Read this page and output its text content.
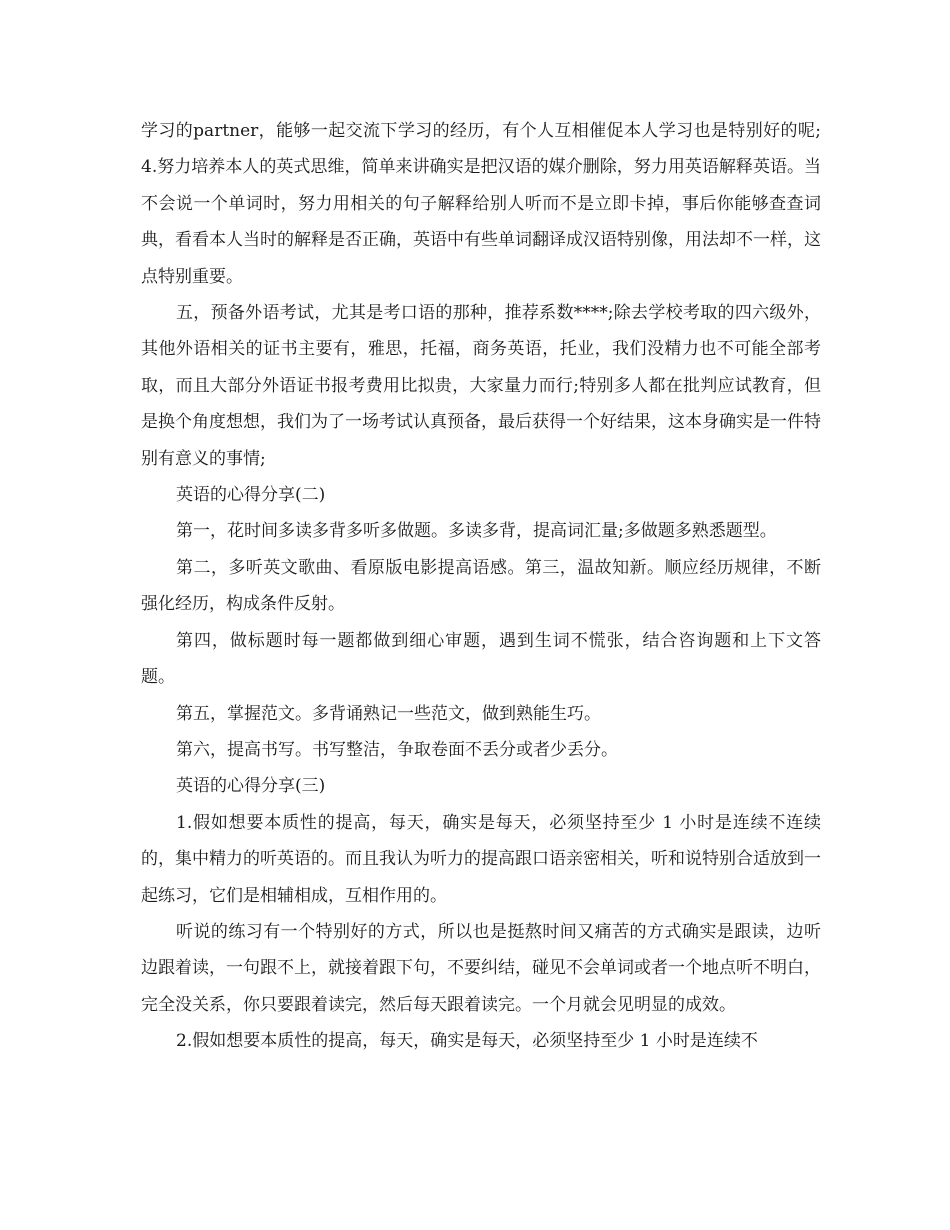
学习的partner，能够一起交流下学习的经历，有个人互相催促本人学习也是特别好的呢;4.努力培养本人的英式思维，简单来讲确实是把汉语的媒介删除，努力用英语解释英语。当不会说一个单词时，努力用相关的句子解释给别人听而不是立即卡掉，事后你能够查查词典，看看本人当时的解释是否正确，英语中有些单词翻译成汉语特别像，用法却不一样，这点特别重要。

五，预备外语考试，尤其是考口语的那种，推荐系数****;除去学校考取的四六级外，其他外语相关的证书主要有，雅思，托福，商务英语，托业，我们没精力也不可能全部考取，而且大部分外语证书报考费用比拟贵，大家量力而行;特别多人都在批判应试教育，但是换个角度想想，我们为了一场考试认真预备，最后获得一个好结果，这本身确实是一件特别有意义的事情;

英语的心得分享(二)

第一，花时间多读多背多听多做题。多读多背，提高词汇量;多做题多熟悉题型。

第二，多听英文歌曲、看原版电影提高语感。第三，温故知新。顺应经历规律，不断强化经历，构成条件反射。

第四，做标题时每一题都做到细心审题，遇到生词不慌张，结合咨询题和上下文答题。

第五，掌握范文。多背诵熟记一些范文，做到熟能生巧。

第六，提高书写。书写整洁，争取卷面不丢分或者少丢分。

英语的心得分享(三)

1.假如想要本质性的提高，每天，确实是每天，必须坚持至少 1 小时是连续不连续的，集中精力的听英语的。而且我认为听力的提高跟口语亲密相关，听和说特别合适放到一起练习，它们是相辅相成，互相作用的。

听说的练习有一个特别好的方式，所以也是挺熬时间又痛苦的方式确实是跟读，边听边跟着读，一句跟不上，就接着跟下句，不要纠结，碰见不会单词或者一个地点听不明白，完全没关系，你只要跟着读完，然后每天跟着读完。一个月就会见明显的成效。

2.假如想要本质性的提高，每天，确实是每天，必须坚持至少 1 小时是连续不
